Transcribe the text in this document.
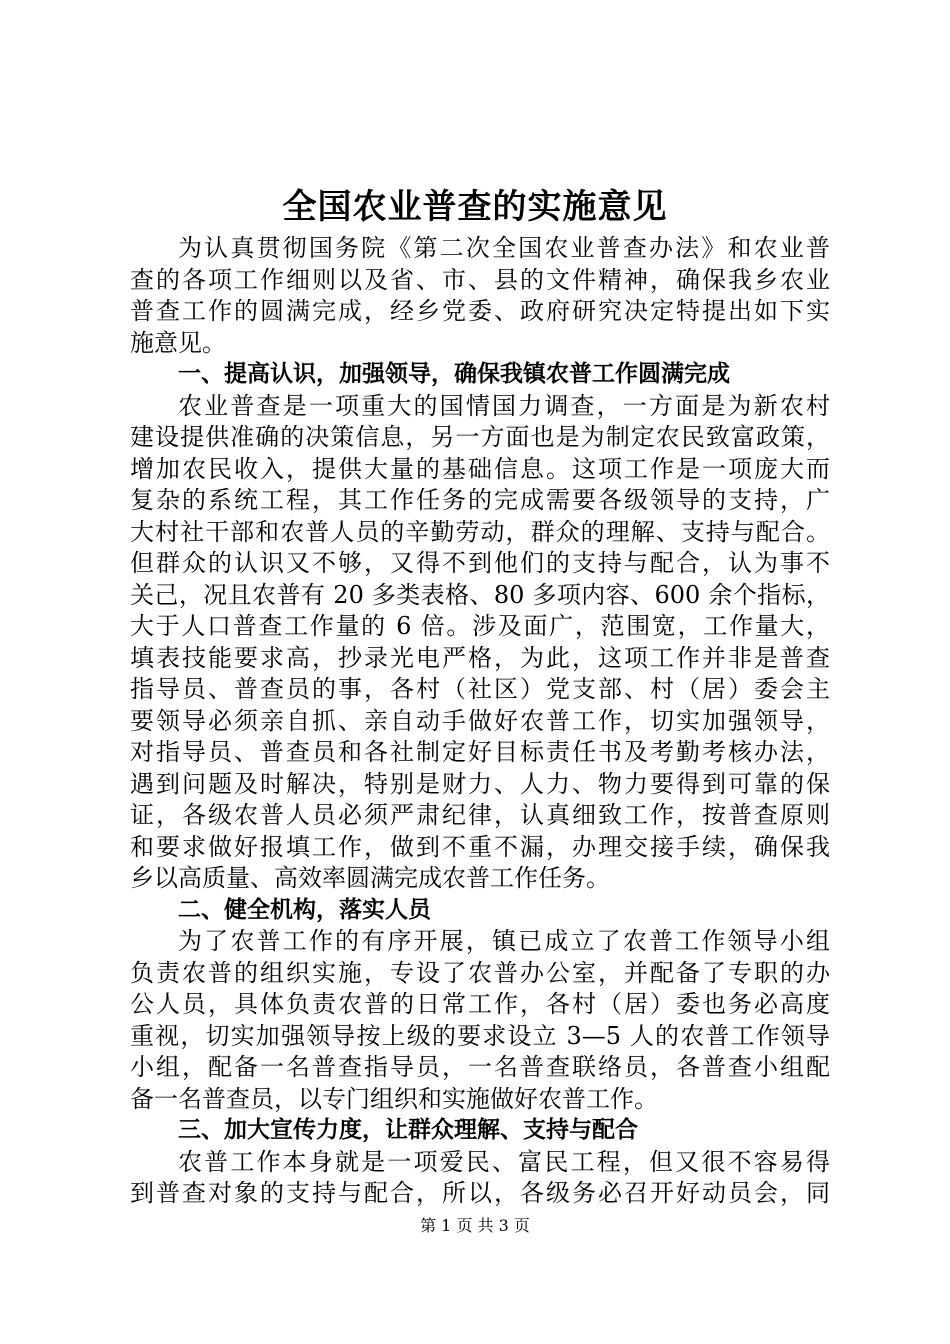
全国农业普查的实施意见
为认真贯彻国务院《第二次全国农业普查办法》和农业普
查的各项工作细则以及省、市、县的文件精神，确保我乡农业
普查工作的圆满完成，经乡党委、政府研究决定特提出如下实
施意见。
一、提高认识，加强领导，确保我镇农普工作圆满完成
农业普查是一项重大的国情国力调查，一方面是为新农村
建设提供准确的决策信息，另一方面也是为制定农民致富政策，
增加农民收入，提供大量的基础信息。这项工作是一项庞大而
复杂的系统工程，其工作任务的完成需要各级领导的支持，广
大村社干部和农普人员的辛勤劳动，群众的理解、支持与配合。
但群众的认识又不够，又得不到他们的支持与配合，认为事不
关己，况且农普有 20 多类表格、80 多项内容、600 余个指标，
大于人口普查工作量的 6 倍。涉及面广，范围宽，工作量大，
填表技能要求高，抄录光电严格，为此，这项工作并非是普查
指导员、普查员的事，各村（社区）党支部、村（居）委会主
要领导必须亲自抓、亲自动手做好农普工作，切实加强领导，
对指导员、普查员和各社制定好目标责任书及考勤考核办法，
遇到问题及时解决，特别是财力、人力、物力要得到可靠的保
证，各级农普人员必须严肃纪律，认真细致工作，按普查原则
和要求做好报填工作，做到不重不漏，办理交接手续，确保我
乡以高质量、高效率圆满完成农普工作任务。
二、健全机构，落实人员
为了农普工作的有序开展，镇已成立了农普工作领导小组
负责农普的组织实施，专设了农普办公室，并配备了专职的办
公人员，具体负责农普的日常工作，各村（居）委也务必高度
重视，切实加强领导按上级的要求设立 3—5 人的农普工作领导
小组，配备一名普查指导员，一名普查联络员，各普查小组配
备一名普查员，以专门组织和实施做好农普工作。
三、加大宣传力度，让群众理解、支持与配合
农普工作本身就是一项爱民、富民工程，但又很不容易得
到普查对象的支持与配合，所以，各级务必召开好动员会，同
第 1 页 共 3 页
